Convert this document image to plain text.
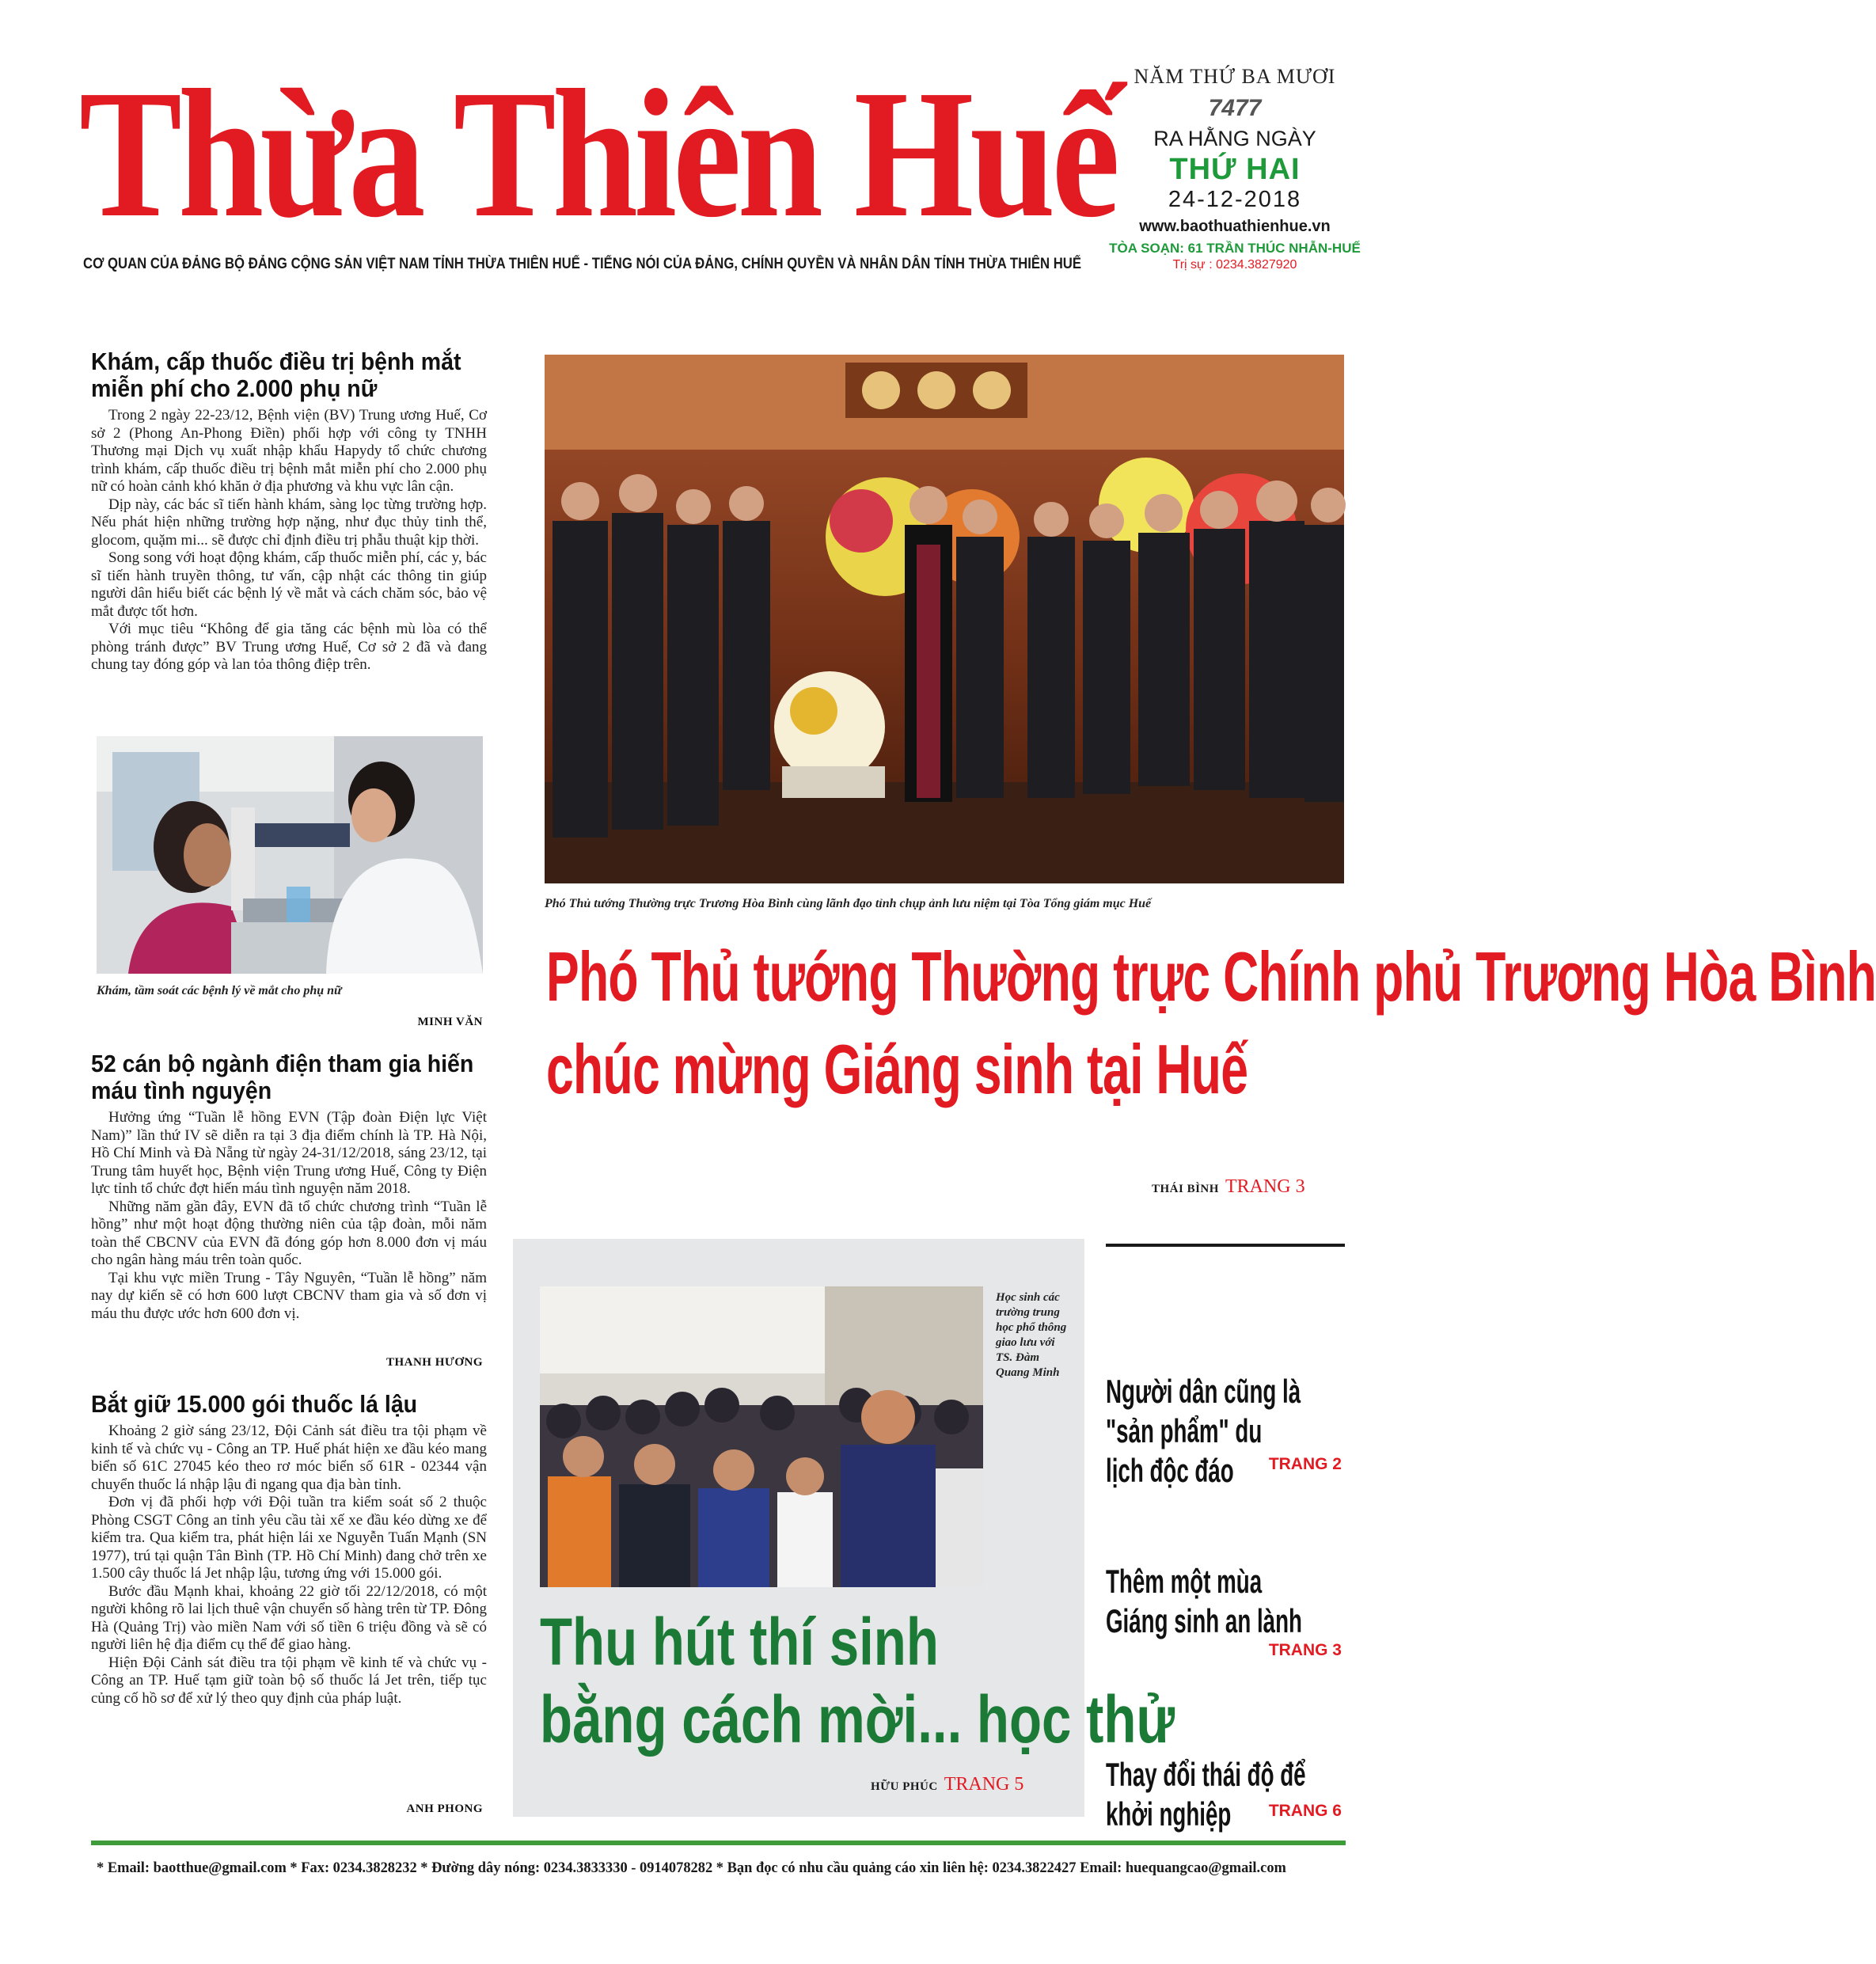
Thừa Thiên Huế
CƠ QUAN CỦA ĐẢNG BỘ ĐẢNG CỘNG SẢN VIỆT NAM TỈNH THỪA THIÊN HUẾ - TIẾNG NÓI CỦA ĐẢNG, CHÍNH QUYỀN VÀ NHÂN DÂN TỈNH THỪA THIÊN HUẾ
NĂM THỨ BA MƯƠI
7477
RA HẰNG NGÀY
THỨ HAI
24-12-2018
www.baothuathienhue.vn
TÒA SOẠN: 61 TRẦN THÚC NHẪN-HUẾ
Trị sự : 0234.3827920
Khám, cấp thuốc điều trị bệnh mắt miễn phí cho 2.000 phụ nữ

Trong 2 ngày 22-23/12, Bệnh viện (BV) Trung ương Huế, Cơ sở 2 (Phong An-Phong Điền) phối hợp với công ty TNHH Thương mại Dịch vụ xuất nhập khẩu Hapydy tổ chức chương trình khám, cấp thuốc điều trị bệnh mắt miễn phí cho 2.000 phụ nữ có hoàn cảnh khó khăn ở địa phương và khu vực lân cận.

Dịp này, các bác sĩ tiến hành khám, sàng lọc từng trường hợp. Nếu phát hiện những trường hợp nặng, như đục thủy tinh thể, glocom, quặm mi... sẽ được chỉ định điều trị phẫu thuật kịp thời.

Song song với hoạt động khám, cấp thuốc miễn phí, các y, bác sĩ tiến hành truyền thông, tư vấn, cập nhật các thông tin giúp người dân hiểu biết các bệnh lý về mắt và cách chăm sóc, bảo vệ mắt được tốt hơn.

Với mục tiêu “Không để gia tăng các bệnh mù lòa có thể phòng tránh được” BV Trung ương Huế, Cơ sở 2 đã và đang chung tay đóng góp và lan tỏa thông điệp trên.

Khám, tầm soát các bệnh lý về mắt cho phụ nữ
MINH VĂN
52 cán bộ ngành điện tham gia hiến máu tình nguyện

Hưởng ứng “Tuần lễ hồng EVN (Tập đoàn Điện lực Việt Nam)” lần thứ IV sẽ diễn ra tại 3 địa điểm chính là TP. Hà Nội, Hồ Chí Minh và Đà Nẵng từ ngày 24-31/12/2018, sáng 23/12, tại Trung tâm huyết học, Bệnh viện Trung ương Huế, Công ty Điện lực tỉnh tổ chức đợt hiến máu tình nguyện năm 2018.

Những năm gần đây, EVN đã tổ chức chương trình “Tuần lễ hồng” như một hoạt động thường niên của tập đoàn, mỗi năm toàn thể CBCNV của EVN đã đóng góp hơn 8.000 đơn vị máu cho ngân hàng máu trên toàn quốc.

Tại khu vực miền Trung - Tây Nguyên, “Tuần lễ hồng” năm nay dự kiến sẽ có hơn 600 lượt CBCNV tham gia và số đơn vị máu thu được ước hơn 600 đơn vị.

THANH HƯƠNG
Bắt giữ 15.000 gói thuốc lá lậu

Khoảng 2 giờ sáng 23/12, Đội Cảnh sát điều tra tội phạm về kinh tế và chức vụ - Công an TP. Huế phát hiện xe đầu kéo mang biển số 61C 27045 kéo theo rơ móc biển số 61R - 02344 vận chuyển thuốc lá nhập lậu đi ngang qua địa bàn tỉnh.

Đơn vị đã phối hợp với Đội tuần tra kiểm soát số 2 thuộc Phòng CSGT Công an tỉnh yêu cầu tài xế xe đầu kéo dừng xe để kiểm tra. Qua kiểm tra, phát hiện lái xe Nguyễn Tuấn Mạnh (SN 1977), trú tại quận Tân Bình (TP. Hồ Chí Minh) đang chở trên xe 1.500 cây thuốc lá Jet nhập lậu, tương ứng với 15.000 gói.

Bước đầu Mạnh khai, khoảng 22 giờ tối 22/12/2018, có một người không rõ lai lịch thuê vận chuyển số hàng trên từ TP. Đông Hà (Quảng Trị) vào miền Nam với số tiền 6 triệu đồng và sẽ có người liên hệ địa điểm cụ thể để giao hàng.

Hiện Đội Cảnh sát điều tra tội phạm về kinh tế và chức vụ - Công an TP. Huế tạm giữ toàn bộ số thuốc lá Jet trên, tiếp tục củng cố hồ sơ để xử lý theo quy định của pháp luật.

ANH PHONG
Phó Thủ tướng Thường trực Trương Hòa Bình cùng lãnh đạo tỉnh chụp ảnh lưu niệm tại Tòa Tổng giám mục Huế
Phó Thủ tướng Thường trực Chính phủ Trương Hòa Bình
chúc mừng Giáng sinh tại Huế
THÁI BÌNH TRANG 3
Học sinh các trường trung học phổ thông giao lưu với TS. Đàm Quang Minh
Thu hút thí sinh
bằng cách mời... học thử
HỮU PHÚC TRANG 5
Người dân cũng là "sản phẩm" du lịch độc đáo	TRANG 2
Thêm một mùa Giáng sinh an lành
TRANG 3
Thay đổi thái độ để khởi nghiệp	TRANG 6
* Email: baotthue@gmail.com * Fax: 0234.3828232 * Đường dây nóng: 0234.3833330 - 0914078282 * Bạn đọc có nhu cầu quảng cáo xin liên hệ: 0234.3822427 Email: huequangcao@gmail.com
